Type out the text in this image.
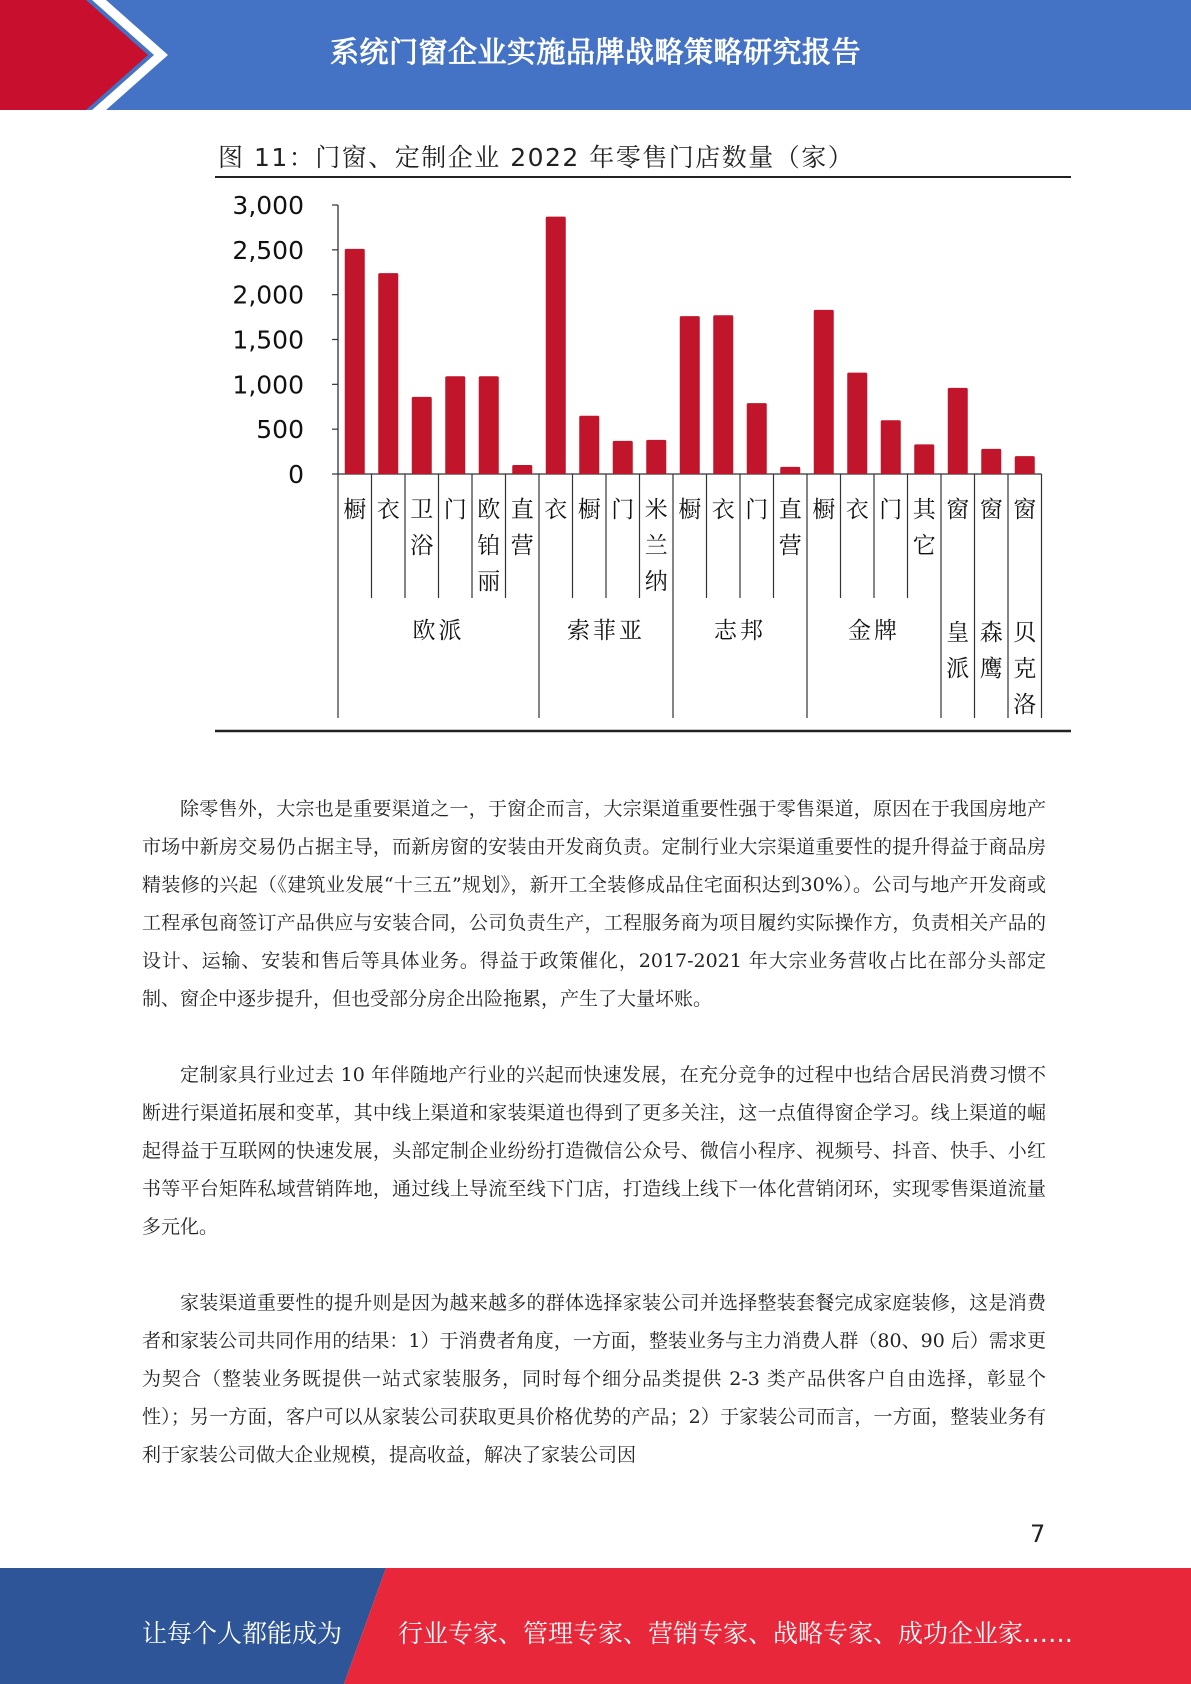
系统门窗企业实施品牌战略策略研究报告
图 11：门窗、定制企业 2022 年零售门店数量（家）
3,000
2,500
2,000
1,500
1,000
500
0
橱 衣 卫
浴
门 欧
铂
丽
直
营
衣 橱 门 米
兰
纳
橱 衣 门 直
营
橱 衣 门 其
它
窗 窗 窗
欧派	索菲亚	志邦	金牌 皇
派
森
鹰
贝
克
洛

除零售外，大宗也是重要渠道之一，于窗企而言，大宗渠道重要性强于零售渠道，原因在于我国房地产市场中新房交易仍占据主导，而新房窗的安装由开发商负责。定制行业大宗渠道重要性的提升得益于商品房精装修的兴起（《建筑业发展“十三五”规划》，新开工全装修成品住宅面积达到30%）。公司与地产开发商或工程承包商签订产品供应与安装合同，公司负责生产，工程服务商为项目履约实际操作方，负责相关产品的设计、运输、安装和售后等具体业务。得益于政策催化，2017-2021 年大宗业务营收占比在部分头部定制、窗企中逐步提升，但也受部分房企出险拖累，产生了大量坏账。

定制家具行业过去 10 年伴随地产行业的兴起而快速发展，在充分竞争的过程中也结合居民消费习惯不断进行渠道拓展和变革，其中线上渠道和家装渠道也得到了更多关注，这一点值得窗企学习。线上渠道的崛起得益于互联网的快速发展，头部定制企业纷纷打造微信公众号、微信小程序、视频号、抖音、快手、小红书等平台矩阵私域营销阵地，通过线上导流至线下门店，打造线上线下一体化营销闭环，实现零售渠道流量多元化。

家装渠道重要性的提升则是因为越来越多的群体选择家装公司并选择整装套餐完成家庭装修，这是消费者和家装公司共同作用的结果：1）于消费者角度，一方面，整装业务与主力消费人群（80、90 后）需求更为契合（整装业务既提供一站式家装服务，同时每个细分品类提供 2-3 类产品供客户自由选择，彰显个性）；另一方面，客户可以从家装公司获取更具价格优势的产品；2）于家装公司而言，一方面，整装业务有利于家装公司做大企业规模，提高收益，解决了家装公司因

7
让每个人都能成为 行业专家、管理专家、营销专家、战略专家、成功企业家……
